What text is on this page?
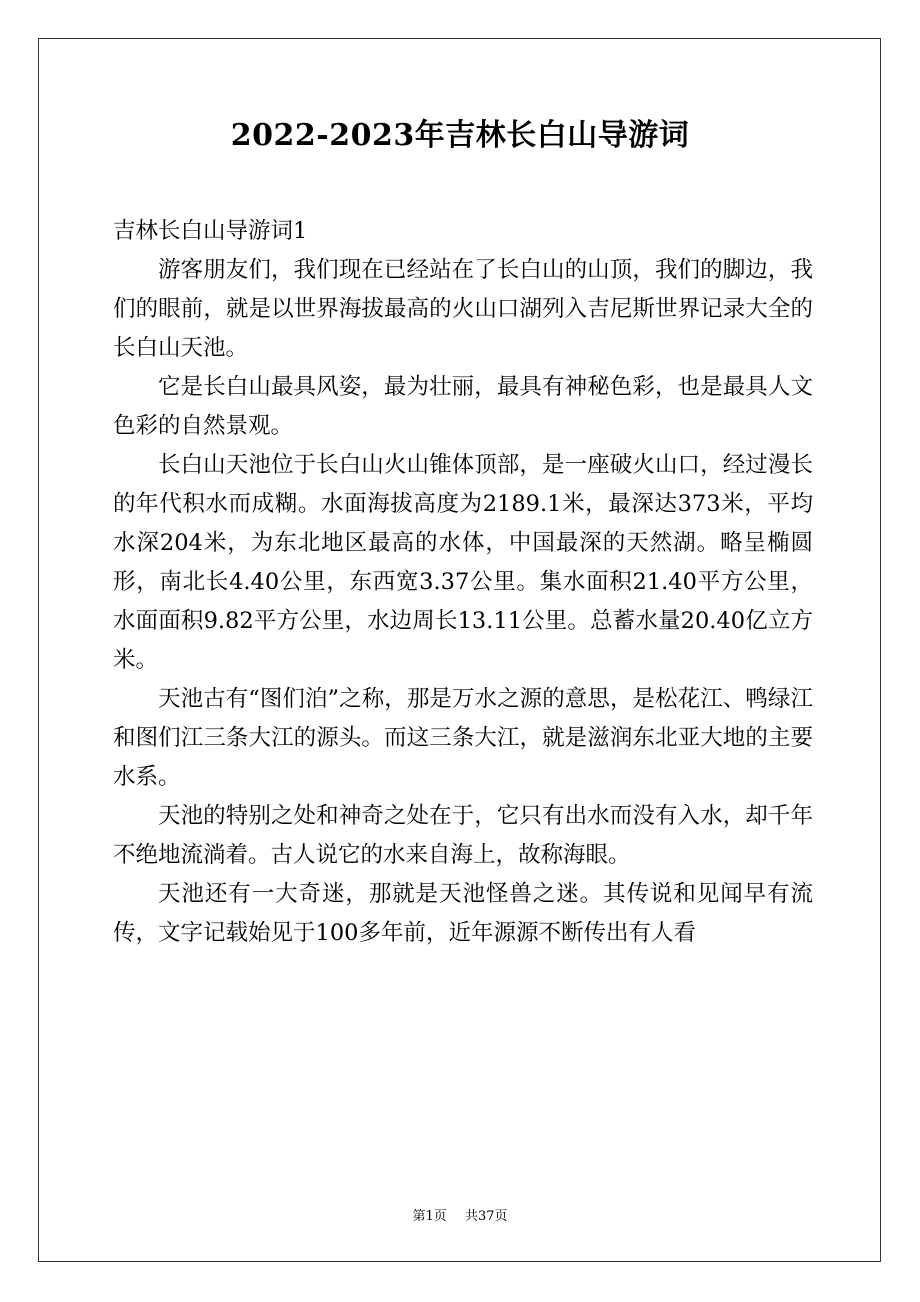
2022-2023年吉林长白山导游词

吉林长白山导游词1

游客朋友们，我们现在已经站在了长白山的山顶，我们的脚边，我们的眼前，就是以世界海拔最高的火山口湖列入吉尼斯世界记录大全的长白山天池。

它是长白山最具风姿，最为壮丽，最具有神秘色彩，也是最具人文色彩的自然景观。

长白山天池位于长白山火山锥体顶部，是一座破火山口，经过漫长的年代积水而成糊。水面海拔高度为2189.1米，最深达373米，平均水深204米，为东北地区最高的水体，中国最深的天然湖。略呈椭圆形，南北长4.40公里，东西宽3.37公里。集水面积21.40平方公里，水面面积9.82平方公里，水边周长13.11公里。总蓄水量20.40亿立方米。

天池古有“图们泊”之称，那是万水之源的意思，是松花江、鸭绿江和图们江三条大江的源头。而这三条大江，就是滋润东北亚大地的主要水系。

天池的特别之处和神奇之处在于，它只有出水而没有入水，却千年不绝地流淌着。古人说它的水来自海上，故称海眼。

天池还有一大奇迷，那就是天池怪兽之迷。其传说和见闻早有流传，文字记载始见于100多年前，近年源源不断传出有人看

第1页 共37页
